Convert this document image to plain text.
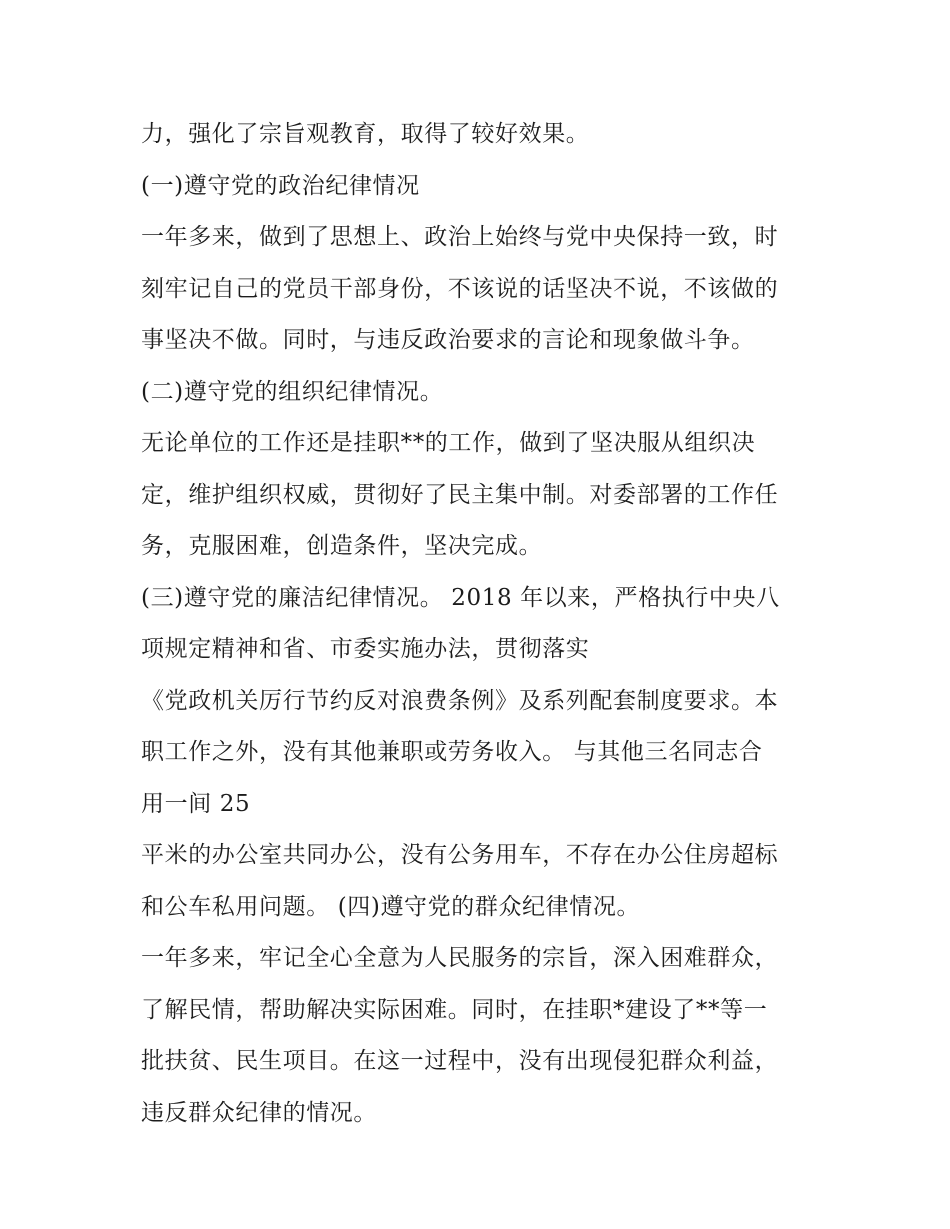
力，强化了宗旨观教育，取得了较好效果。
(一)遵守党的政治纪律情况
一年多来，做到了思想上、政治上始终与党中央保持一致，时
刻牢记自己的党员干部身份，不该说的话坚决不说，不该做的
事坚决不做。同时，与违反政治要求的言论和现象做斗争。
(二)遵守党的组织纪律情况。
无论单位的工作还是挂职**的工作，做到了坚决服从组织决
定，维护组织权威，贯彻好了民主集中制。对委部署的工作任
务，克服困难，创造条件，坚决完成。
(三)遵守党的廉洁纪律情况。 2018 年以来，严格执行中央八
项规定精神和省、市委实施办法，贯彻落实
《党政机关厉行节约反对浪费条例》及系列配套制度要求。本
职工作之外，没有其他兼职或劳务收入。 与其他三名同志合
用一间 25
平米的办公室共同办公，没有公务用车，不存在办公住房超标
和公车私用问题。 (四)遵守党的群众纪律情况。
一年多来，牢记全心全意为人民服务的宗旨，深入困难群众，
了解民情，帮助解决实际困难。同时，在挂职*建设了**等一
批扶贫、民生项目。在这一过程中，没有出现侵犯群众利益，
违反群众纪律的情况。
